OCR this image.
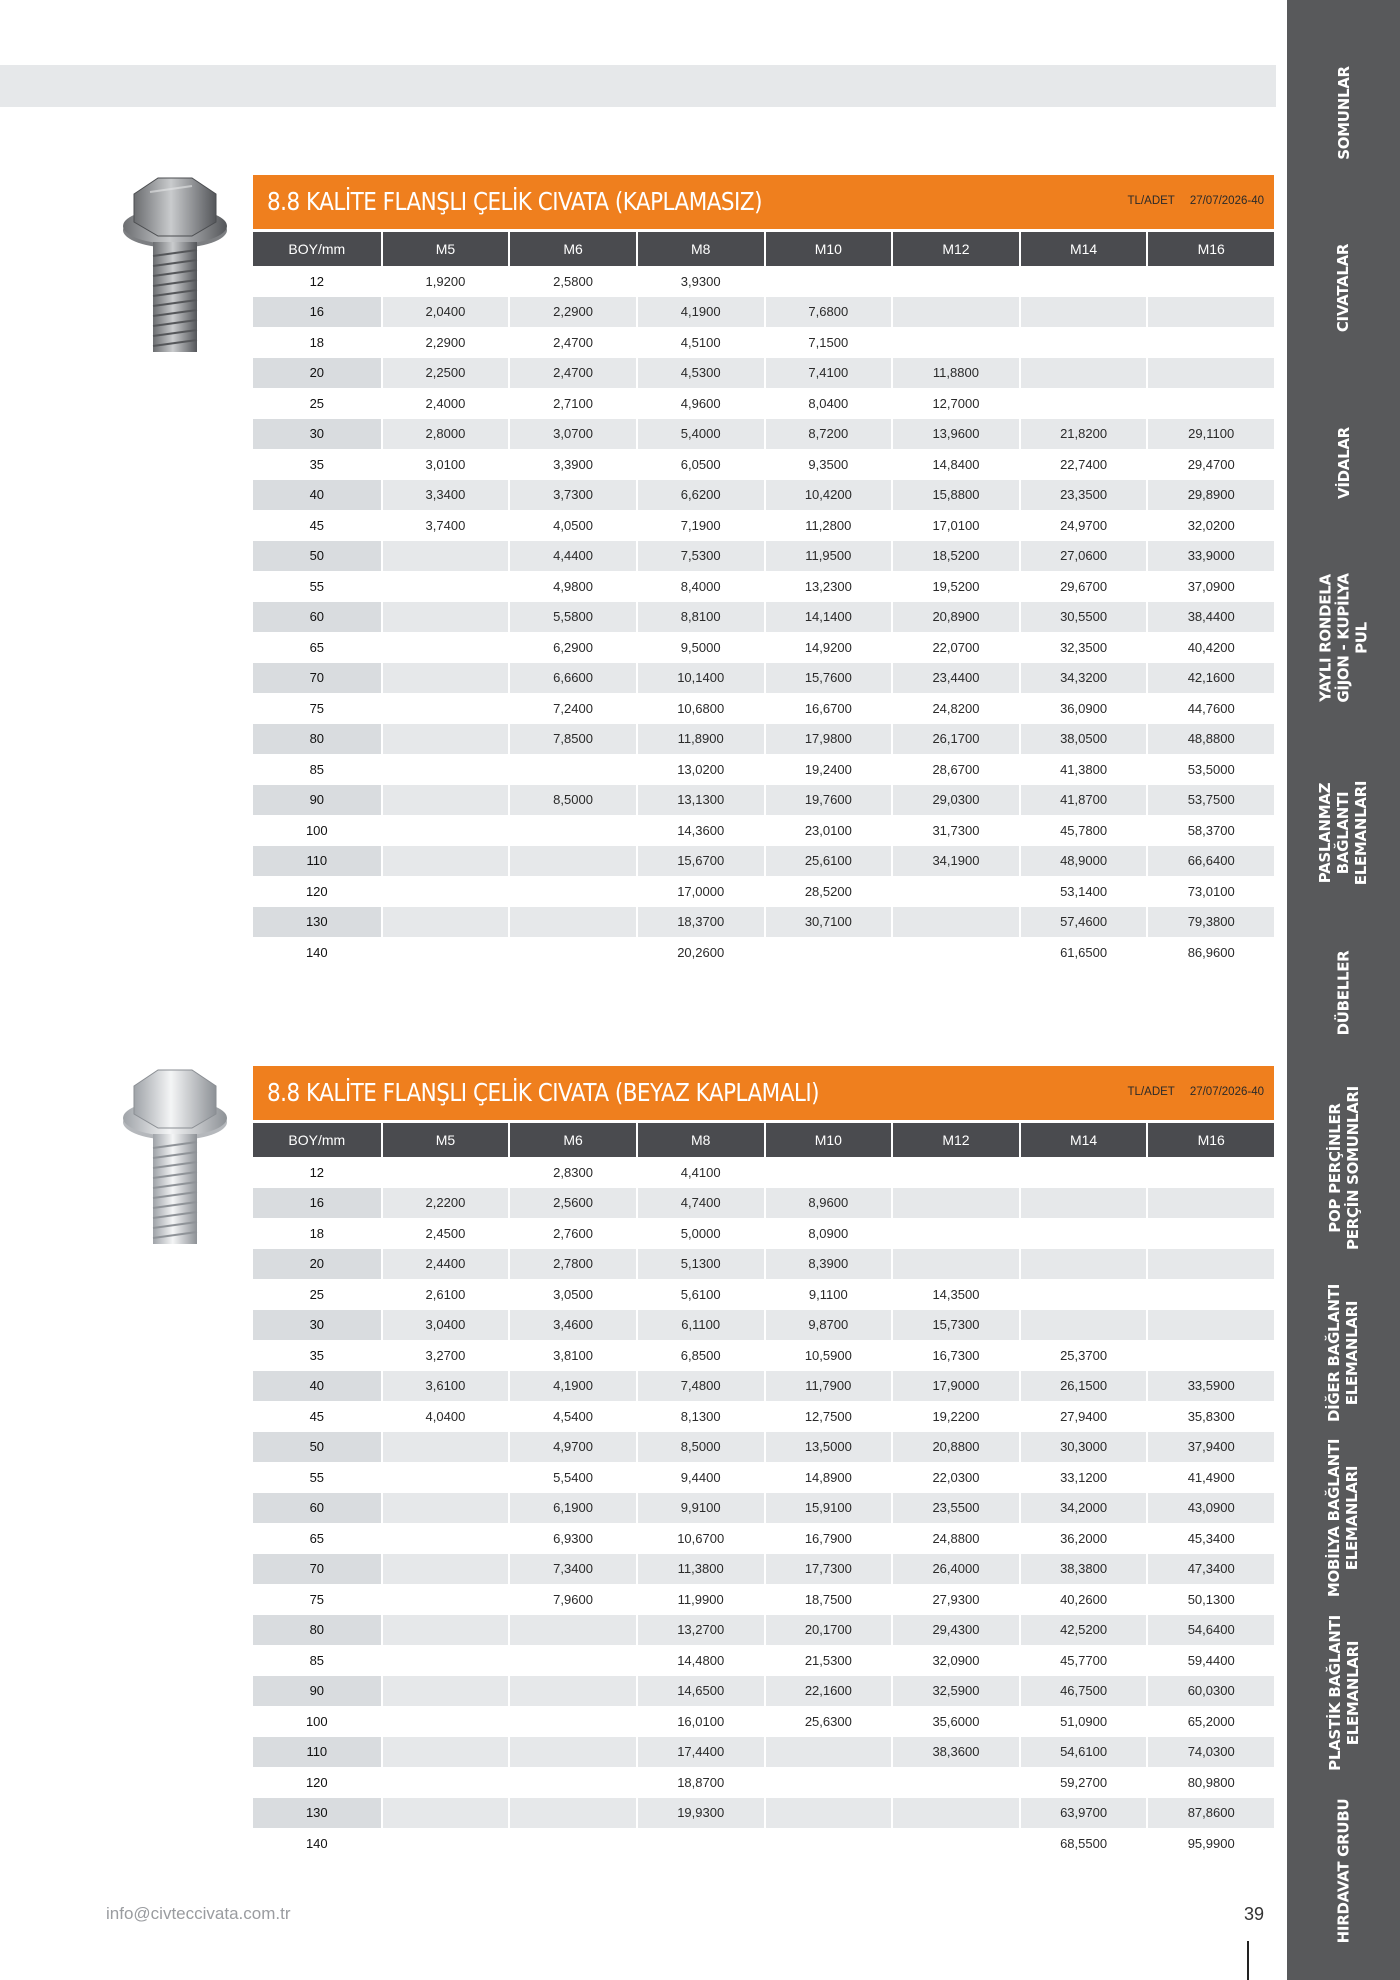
SOMUNLAR
CIVATALAR
VİDALAR
YAYLI RONDELA GİJON - KUPİLYA PUL
PASLANMAZ BAĞLANTI ELEMANLARI
DÜBELLER
POP PERÇİNLER PERÇİN SOMUNLARI
DİĞER BAĞLANTI ELEMANLARI
MOBİLYA BAĞLANTI ELEMANLARI
PLASTİK BAĞLANTI ELEMANLARI
HIRDAVAT GRUBU
8.8 KALİTE FLANŞLI ÇELİK CIVATA (KAPLAMASIZ)	TL/ADET 27/07/2026-40
BOY/mm	M5	M6	M8	M10	M12	M14	M16
12	1,9200	2,5800	3,9300				
16	2,0400	2,2900	4,1900	7,6800			
18	2,2900	2,4700	4,5100	7,1500			
20	2,2500	2,4700	4,5300	7,4100	11,8800		
25	2,4000	2,7100	4,9600	8,0400	12,7000		
30	2,8000	3,0700	5,4000	8,7200	13,9600	21,8200	29,1100
35	3,0100	3,3900	6,0500	9,3500	14,8400	22,7400	29,4700
40	3,3400	3,7300	6,6200	10,4200	15,8800	23,3500	29,8900
45	3,7400	4,0500	7,1900	11,2800	17,0100	24,9700	32,0200
50		4,4400	7,5300	11,9500	18,5200	27,0600	33,9000
55		4,9800	8,4000	13,2300	19,5200	29,6700	37,0900
60		5,5800	8,8100	14,1400	20,8900	30,5500	38,4400
65		6,2900	9,5000	14,9200	22,0700	32,3500	40,4200
70		6,6600	10,1400	15,7600	23,4400	34,3200	42,1600
75		7,2400	10,6800	16,6700	24,8200	36,0900	44,7600
80		7,8500	11,8900	17,9800	26,1700	38,0500	48,8800
85			13,0200	19,2400	28,6700	41,3800	53,5000
90		8,5000	13,1300	19,7600	29,0300	41,8700	53,7500
100			14,3600	23,0100	31,7300	45,7800	58,3700
110			15,6700	25,6100	34,1900	48,9000	66,6400
120			17,0000	28,5200		53,1400	73,0100
130			18,3700	30,7100		57,4600	79,3800
140			20,2600			61,6500	86,9600
8.8 KALİTE FLANŞLI ÇELİK CIVATA (BEYAZ KAPLAMALI)	TL/ADET 27/07/2026-40
BOY/mm	M5	M6	M8	M10	M12	M14	M16
12		2,8300	4,4100				
16	2,2200	2,5600	4,7400	8,9600			
18	2,4500	2,7600	5,0000	8,0900			
20	2,4400	2,7800	5,1300	8,3900			
25	2,6100	3,0500	5,6100	9,1100	14,3500		
30	3,0400	3,4600	6,1100	9,8700	15,7300		
35	3,2700	3,8100	6,8500	10,5900	16,7300	25,3700	
40	3,6100	4,1900	7,4800	11,7900	17,9000	26,1500	33,5900
45	4,0400	4,5400	8,1300	12,7500	19,2200	27,9400	35,8300
50		4,9700	8,5000	13,5000	20,8800	30,3000	37,9400
55		5,5400	9,4400	14,8900	22,0300	33,1200	41,4900
60		6,1900	9,9100	15,9100	23,5500	34,2000	43,0900
65		6,9300	10,6700	16,7900	24,8800	36,2000	45,3400
70		7,3400	11,3800	17,7300	26,4000	38,3800	47,3400
75		7,9600	11,9900	18,7500	27,9300	40,2600	50,1300
80			13,2700	20,1700	29,4300	42,5200	54,6400
85			14,4800	21,5300	32,0900	45,7700	59,4400
90			14,6500	22,1600	32,5900	46,7500	60,0300
100			16,0100	25,6300	35,6000	51,0900	65,2000
110			17,4400		38,3600	54,6100	74,0300
120			18,8700			59,2700	80,9800
130			19,9300			63,9700	87,8600
140						68,5500	95,9900
info@civteccivata.com.tr	39
